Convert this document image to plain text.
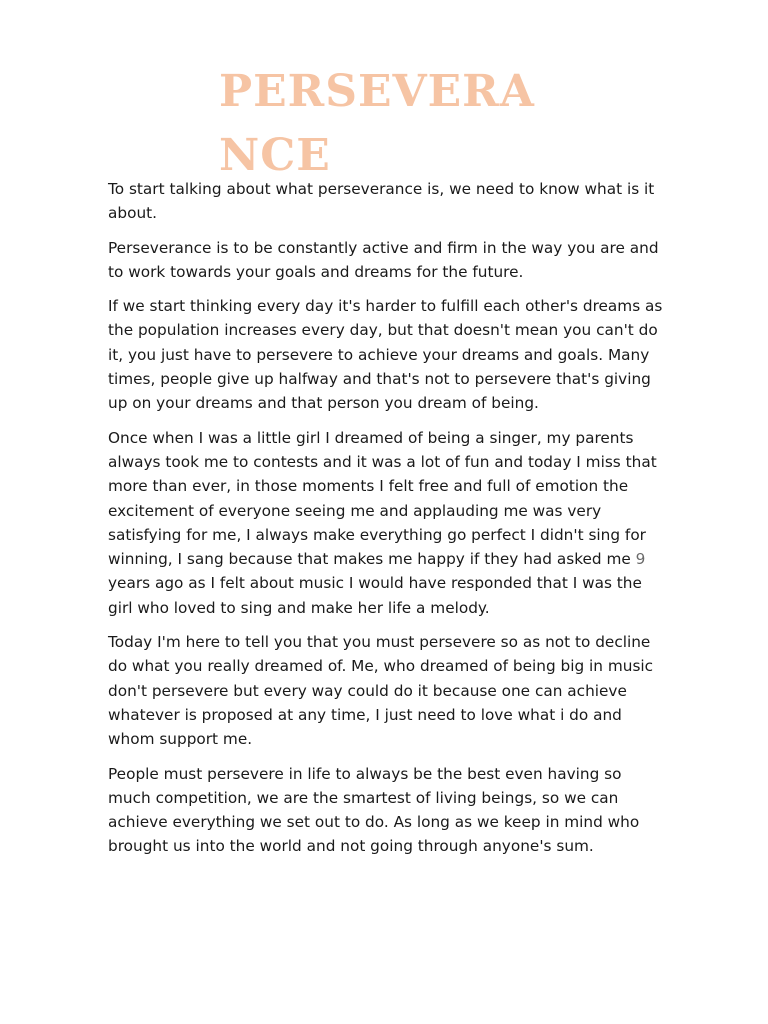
PERSEVERANCE

To start talking about what perseverance is, we need to know what is it about.

Perseverance is to be constantly active and firm in the way you are and to work towards your goals and dreams for the future.

If we start thinking every day it's harder to fulfill each other's dreams as the population increases every day, but that doesn't mean you can't do it, you just have to persevere to achieve your dreams and goals. Many times, people give up halfway and that's not to persevere that's giving up on your dreams and that person you dream of being.

Once when I was a little girl I dreamed of being a singer, my parents always took me to contests and it was a lot of fun and today I miss that more than ever, in those moments I felt free and full of emotion the excitement of everyone seeing me and applauding me was very satisfying for me, I always make everything go perfect I didn't sing for winning, I sang because that makes me happy if they had asked me 9 years ago as I felt about music I would have responded that I was the girl who loved to sing and make her life a melody.

Today I'm here to tell you that you must persevere so as not to decline do what you really dreamed of. Me, who dreamed of being big in music don't persevere but every way could do it because one can achieve whatever is proposed at any time, I just need to love what i do and whom support me.

People must persevere in life to always be the best even having so much competition, we are the smartest of living beings, so we can achieve everything we set out to do. As long as we keep in mind who brought us into the world and not going through anyone's sum.
